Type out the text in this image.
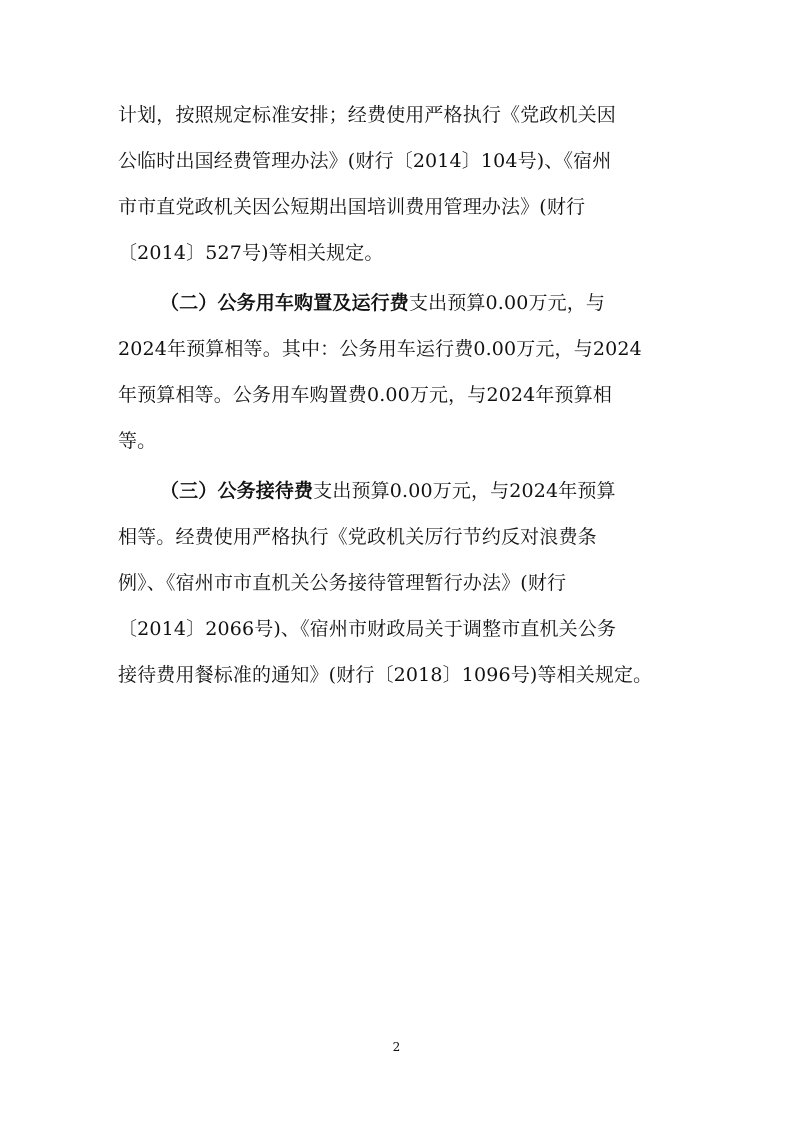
计划，按照规定标准安排；经费使用严格执行《党政机关因
公临时出国经费管理办法》(财行〔2014〕104号)、《宿州
市市直党政机关因公短期出国培训费用管理办法》(财行
〔2014〕527号)等相关规定。
（二）公务用车购置及运行费支出预算0.00万元，与
2024年预算相等。其中：公务用车运行费0.00万元，与2024
年预算相等。公务用车购置费0.00万元，与2024年预算相
等。
（三）公务接待费支出预算0.00万元，与2024年预算
相等。经费使用严格执行《党政机关厉行节约反对浪费条
例》、《宿州市市直机关公务接待管理暂行办法》(财行
〔2014〕2066号)、《宿州市财政局关于调整市直机关公务
接待费用餐标准的通知》(财行〔2018〕1096号)等相关规定。
2
